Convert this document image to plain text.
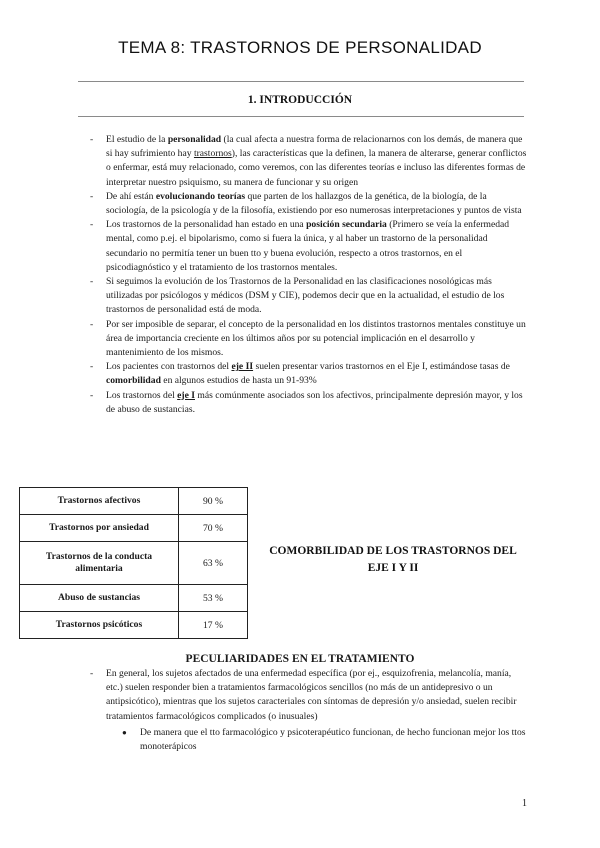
TEMA 8: TRASTORNOS DE PERSONALIDAD
1. INTRODUCCIÓN
- El estudio de la personalidad (la cual afecta a nuestra forma de relacionarnos con los demás, de manera que si hay sufrimiento hay trastornos), las características que la definen, la manera de alterarse, generar conflictos o enfermar, está muy relacionado, como veremos, con las diferentes teorías e incluso las diferentes formas de interpretar nuestro psiquismo, su manera de funcionar y su origen
- De ahí están evolucionando teorías que parten de los hallazgos de la genética, de la biología, de la sociología, de la psicología y de la filosofía, existiendo por eso numerosas interpretaciones y puntos de vista
- Los trastornos de la personalidad han estado en una posición secundaria (Primero se veía la enfermedad mental, como p.ej. el bipolarismo, como si fuera la única, y al haber un trastorno de la personalidad secundario no permitía tener un buen tto y buena evolución, respecto a otros trastornos, en el psicodiagnóstico y el tratamiento de los trastornos mentales.
- Si seguimos la evolución de los Trastornos de la Personalidad en las clasificaciones nosológicas más utilizadas por psicólogos y médicos (DSM y CIE), podemos decir que en la actualidad, el estudio de los trastornos de personalidad está de moda.
- Por ser imposible de separar, el concepto de la personalidad en los distintos trastornos mentales constituye un área de importancia creciente en los últimos años por su potencial implicación en el desarrollo y mantenimiento de los mismos.
- Los pacientes con trastornos del eje II suelen presentar varios trastornos en el Eje I, estimándose tasas de comorbilidad en algunos estudios de hasta un 91-93%
- Los trastornos del eje I más comúnmente asociados son los afectivos, principalmente depresión mayor, y los de abuso de sustancias.
Trastornos afectivos	90 %
Trastornos por ansiedad	70 %
Trastornos de la conducta alimentaria	63 %
Abuso de sustancias	53 %
Trastornos psicóticos	17 %
COMORBILIDAD DE LOS TRASTORNOS DEL EJE I Y II
PECULIARIDADES EN EL TRATAMIENTO
- En general, los sujetos afectados de una enfermedad específica (por ej., esquizofrenia, melancolía, manía, etc.) suelen responder bien a tratamientos farmacológicos sencillos (no más de un antidepresivo o un antipsicótico), mientras que los sujetos caracteriales con síntomas de depresión y/o ansiedad, suelen recibir tratamientos farmacológicos complicados (o inusuales)
● De manera que el tto farmacológico y psicoterapéutico funcionan, de hecho funcionan mejor los ttos monoterápicos
1
